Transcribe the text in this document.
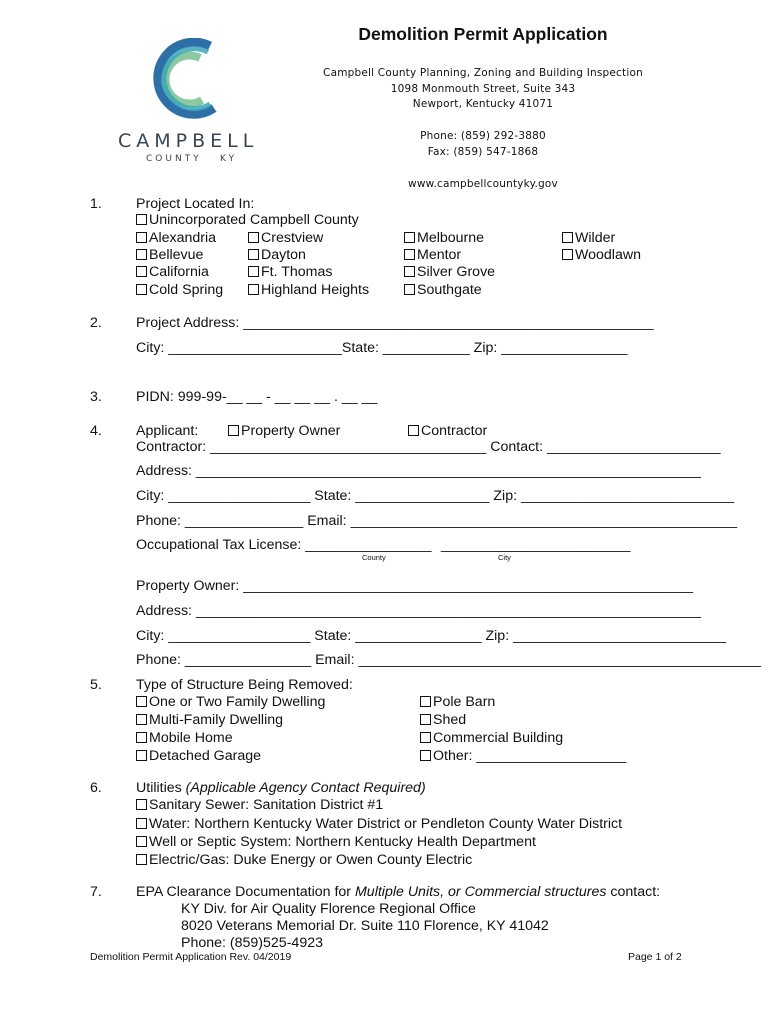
CAMPBELL
COUNTY KY
Demolition Permit Application
Campbell County Planning, Zoning and Building Inspection
1098 Monmouth Street, Suite 343
Newport, Kentucky 41071
Phone: (859) 292-3880
Fax: (859) 547-1868
www.campbellcountyky.gov
1. Project Located In:
Unincorporated Campbell County
Alexandria
Bellevue
California
Cold Spring
Crestview
Dayton
Ft. Thomas
Highland Heights
Melbourne
Mentor
Silver Grove
Southgate
Wilder
Woodlawn
2. Project Address: ____________________________________________________
City: ______________________State: ___________ Zip: ________________
3. PIDN: 999-99-__ __ - __ __ __ . __ __
4. Applicant:	Property Owner	Contractor
Contractor: ___________________________________ Contact: ______________________
Address: ________________________________________________________________
City: __________________ State: _________________ Zip: ___________________________
Phone: _______________ Email: _________________________________________________
Occupational Tax License: ________________ ________________________
County	City
Property Owner: _________________________________________________________
Address: ________________________________________________________________
City: __________________ State: ________________ Zip: ___________________________
Phone: ________________ Email: ___________________________________________________
5. Type of Structure Being Removed:
One or Two Family Dwelling
Multi-Family Dwelling
Mobile Home
Detached Garage
Pole Barn
Shed
Commercial Building
Other: ___________________
6. Utilities (Applicable Agency Contact Required)
Sanitary Sewer: Sanitation District #1
Water: Northern Kentucky Water District or Pendleton County Water District
Well or Septic System: Northern Kentucky Health Department
Electric/Gas: Duke Energy or Owen County Electric
7. EPA Clearance Documentation for Multiple Units, or Commercial structures contact:
KY Div. for Air Quality Florence Regional Office
8020 Veterans Memorial Dr. Suite 110 Florence, KY 41042
Phone: (859)525-4923
Demolition Permit Application Rev. 04/2019	Page 1 of 2
